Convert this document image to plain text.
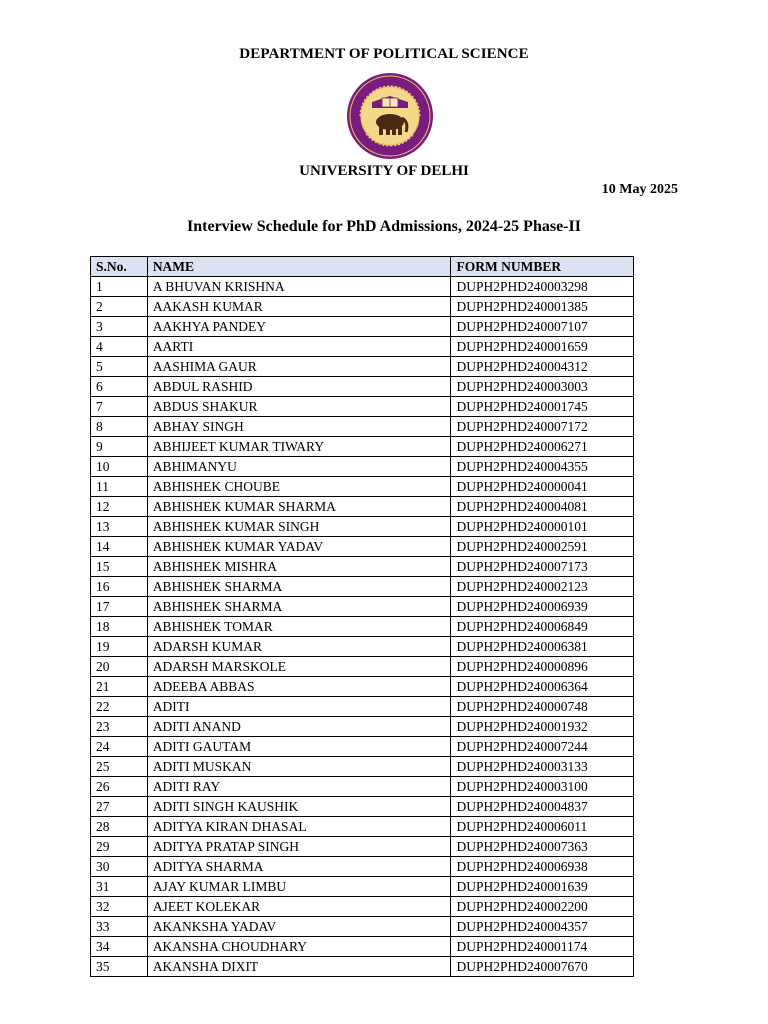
DEPARTMENT OF POLITICAL SCIENCE
UNIVERSITY OF DELHI
10 May 2025
Interview Schedule for PhD Admissions, 2024-25 Phase-II
S.No.	NAME	FORM NUMBER
1	A BHUVAN KRISHNA	DUPH2PHD240003298
2	AAKASH KUMAR	DUPH2PHD240001385
3	AAKHYA PANDEY	DUPH2PHD240007107
4	AARTI	DUPH2PHD240001659
5	AASHIMA GAUR	DUPH2PHD240004312
6	ABDUL RASHID	DUPH2PHD240003003
7	ABDUS SHAKUR	DUPH2PHD240001745
8	ABHAY SINGH	DUPH2PHD240007172
9	ABHIJEET KUMAR TIWARY	DUPH2PHD240006271
10	ABHIMANYU	DUPH2PHD240004355
11	ABHISHEK CHOUBE	DUPH2PHD240000041
12	ABHISHEK KUMAR SHARMA	DUPH2PHD240004081
13	ABHISHEK KUMAR SINGH	DUPH2PHD240000101
14	ABHISHEK KUMAR YADAV	DUPH2PHD240002591
15	ABHISHEK MISHRA	DUPH2PHD240007173
16	ABHISHEK SHARMA	DUPH2PHD240002123
17	ABHISHEK SHARMA	DUPH2PHD240006939
18	ABHISHEK TOMAR	DUPH2PHD240006849
19	ADARSH KUMAR	DUPH2PHD240006381
20	ADARSH MARSKOLE	DUPH2PHD240000896
21	ADEEBA ABBAS	DUPH2PHD240006364
22	ADITI	DUPH2PHD240000748
23	ADITI ANAND	DUPH2PHD240001932
24	ADITI GAUTAM	DUPH2PHD240007244
25	ADITI MUSKAN	DUPH2PHD240003133
26	ADITI RAY	DUPH2PHD240003100
27	ADITI SINGH KAUSHIK	DUPH2PHD240004837
28	ADITYA KIRAN DHASAL	DUPH2PHD240006011
29	ADITYA PRATAP SINGH	DUPH2PHD240007363
30	ADITYA SHARMA	DUPH2PHD240006938
31	AJAY KUMAR LIMBU	DUPH2PHD240001639
32	AJEET KOLEKAR	DUPH2PHD240002200
33	AKANKSHA YADAV	DUPH2PHD240004357
34	AKANSHA CHOUDHARY	DUPH2PHD240001174
35	AKANSHA DIXIT	DUPH2PHD240007670
